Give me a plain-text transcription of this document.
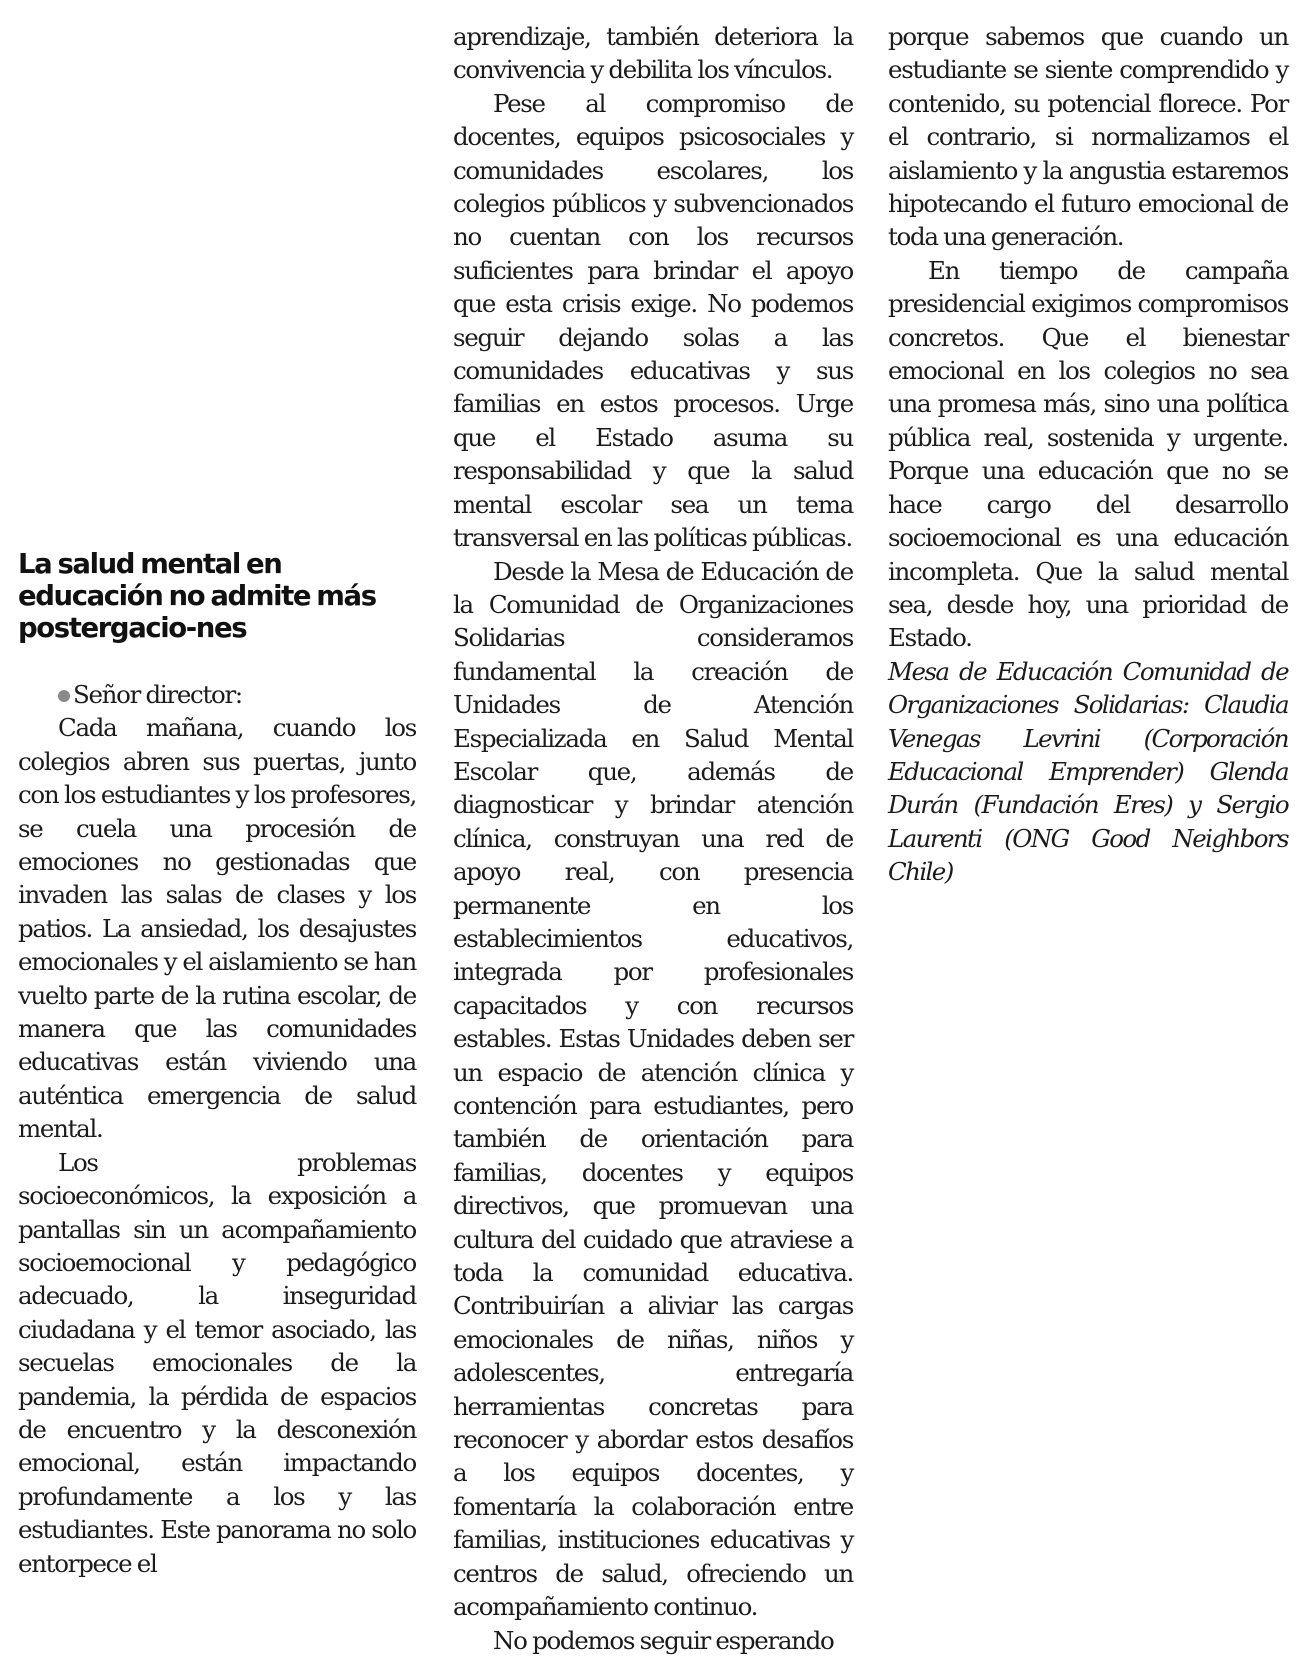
La salud mental en educación no admite más postergacio-nes

Señor director:

Cada mañana, cuando los colegios abren sus puertas, junto con los estudiantes y los profesores, se cuela una procesión de emociones no gestionadas que invaden las salas de clases y los patios. La ansiedad, los desajustes emocionales y el aislamiento se han vuelto parte de la rutina escolar, de manera que las comunidades educativas están viviendo una auténtica emergencia de salud mental.

Los problemas socioeconómicos, la exposición a pantallas sin un acompañamiento socioemocional y pedagógico adecuado, la inseguridad ciudadana y el temor asociado, las secuelas emocionales de la pandemia, la pérdida de espacios de encuentro y la desconexión emocional, están impactando profundamente a los y las estudiantes. Este panorama no solo entorpece el

aprendizaje, también deteriora la convivencia y debilita los vínculos.

Pese al compromiso de docentes, equipos psicosociales y comunidades escolares, los colegios públicos y subvencionados no cuentan con los recursos suficientes para brindar el apoyo que esta crisis exige. No podemos seguir dejando solas a las comunidades educativas y sus familias en estos procesos. Urge que el Estado asuma su responsabilidad y que la salud mental escolar sea un tema transversal en las políticas públicas.

Desde la Mesa de Educación de la Comunidad de Organizaciones Solidarias consideramos fundamental la creación de Unidades de Atención Especializada en Salud Mental Escolar que, además de diagnosticar y brindar atención clínica, construyan una red de apoyo real, con presencia permanente en los establecimientos educativos, integrada por profesionales capacitados y con recursos estables. Estas Unidades deben ser un espacio de atención clínica y contención para estudiantes, pero también de orientación para familias, docentes y equipos directivos, que promuevan una cultura del cuidado que atraviese a toda la comunidad educativa. Contribuirían a aliviar las cargas emocionales de niñas, niños y adolescentes, entregaría herramientas concretas para reconocer y abordar estos desafíos a los equipos docentes, y fomentaría la colaboración entre familias, instituciones educativas y centros de salud, ofreciendo un acompañamiento continuo.

No podemos seguir esperando

porque sabemos que cuando un estudiante se siente comprendido y contenido, su potencial florece. Por el contrario, si normalizamos el aislamiento y la angustia estaremos hipotecando el futuro emocional de toda una generación.

En tiempo de campaña presidencial exigimos compromisos concretos. Que el bienestar emocional en los colegios no sea una promesa más, sino una política pública real, sostenida y urgente. Porque una educación que no se hace cargo del desarrollo socioemocional es una educación incompleta. Que la salud mental sea, desde hoy, una prioridad de Estado.

Mesa de Educación Comunidad de Organizaciones Solidarias: Claudia Venegas Levrini (Corporación Educacional Emprender) Glenda Durán (Fundación Eres) y Sergio Laurenti (ONG Good Neighbors Chile)
